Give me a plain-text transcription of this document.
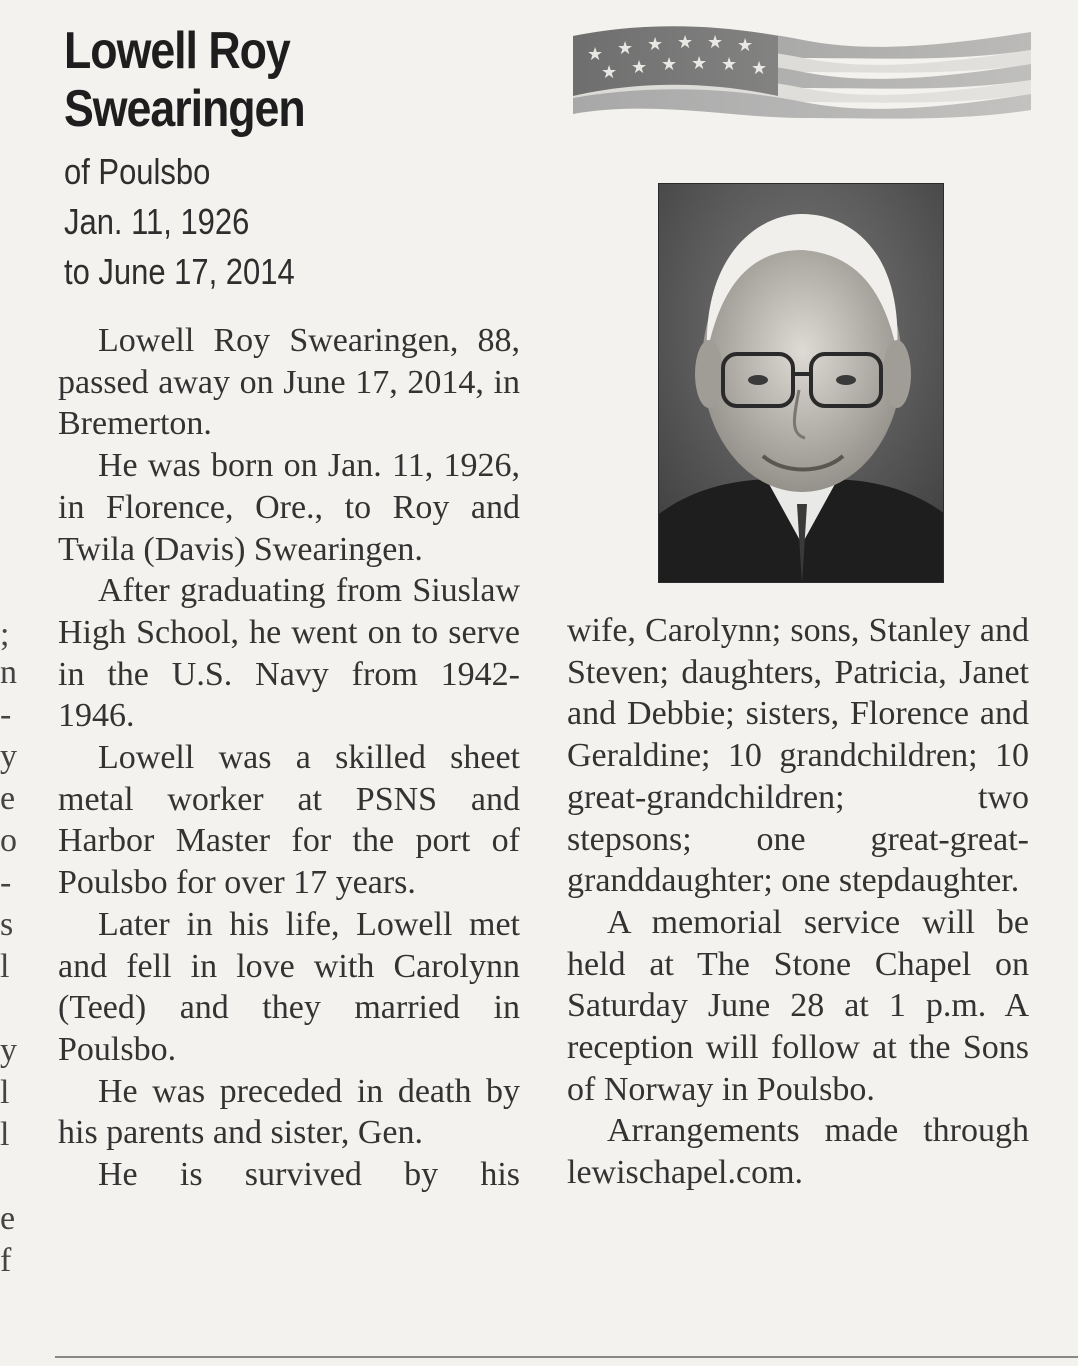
;
n
-
y
e
o
-
s
l
y
l
l
e
f
Lowell Roy
Swearingen
of Poulsbo
Jan. 11, 1926
to June 17, 2014

Lowell Roy Swearingen, 88, passed away on June 17, 2014, in Bremerton.

He was born on Jan. 11, 1926, in Florence, Ore., to Roy and Twila (Davis) Swearingen.

After graduating from Siuslaw High School, he went on to serve in the U.S. Navy from 1942-1946.

Lowell was a skilled sheet metal worker at PSNS and Harbor Master for the port of Poulsbo for over 17 years.

Later in his life, Lowell met and fell in love with Carolynn (Teed) and they married in Poulsbo.

He was preceded in death by his parents and sister, Gen.

He is survived by his

wife, Carolynn; sons, Stanley and Steven; daughters, Patricia, Janet and Debbie; sisters, Florence and Geraldine; 10 grandchildren; 10 great-grandchildren; two stepsons; one great-great-granddaughter; one stepdaughter.

A memorial service will be held at The Stone Chapel on Saturday June 28 at 1 p.m. A reception will follow at the Sons of Norway in Poulsbo.

Arrangements made through lewischapel.com.
